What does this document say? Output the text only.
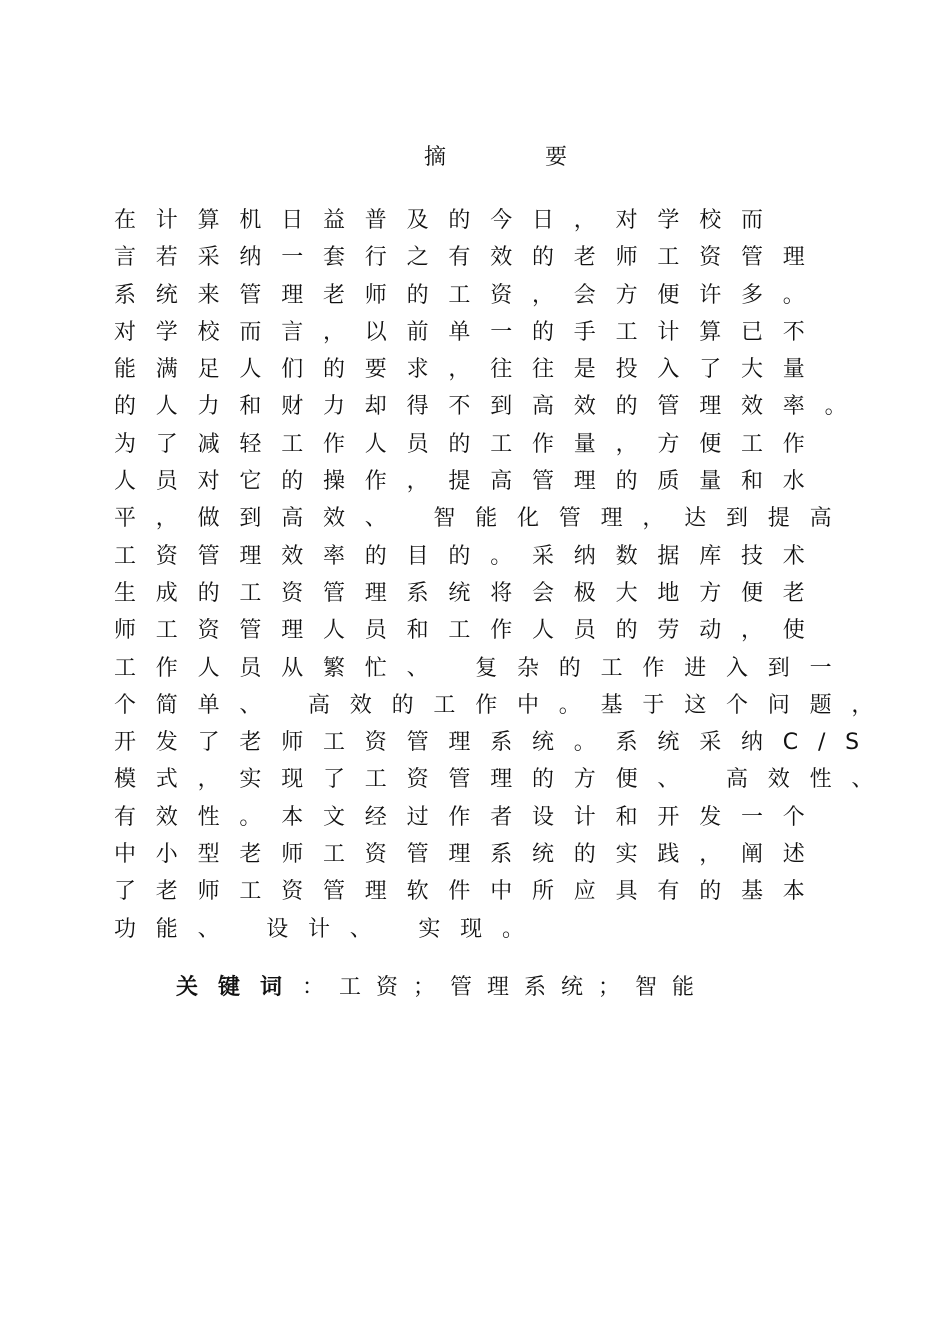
摘 要
在计算机日益普及的今日，对学校而
言若采纳一套行之有效的老师工资管理
系统来管理老师的工资，会方便许多。
对学校而言，以前单一的手工计算已不
能满足人们的要求，往往是投入了大量
的人力和财力却得不到高效的管理效率。
为了减轻工作人员的工作量，方便工作
人员对它的操作，提高管理的质量和水
平，做到高效、 智能化管理，达到提高
工资管理效率的目的。采纳数据库技术
生成的工资管理系统将会极大地方便老
师工资管理人员和工作人员的劳动，使
工作人员从繁忙、 复杂的工作进入到一
个简单、 高效的工作中。基于这个问题，
开发了老师工资管理系统。系统采纳C/S
模式，实现了工资管理的方便、 高效性、
有效性。本文经过作者设计和开发一个
中小型老师工资管理系统的实践，阐述
了老师工资管理软件中所应具有的基本
功能、 设计、 实现。
关键词：工资；管理系统；智能
